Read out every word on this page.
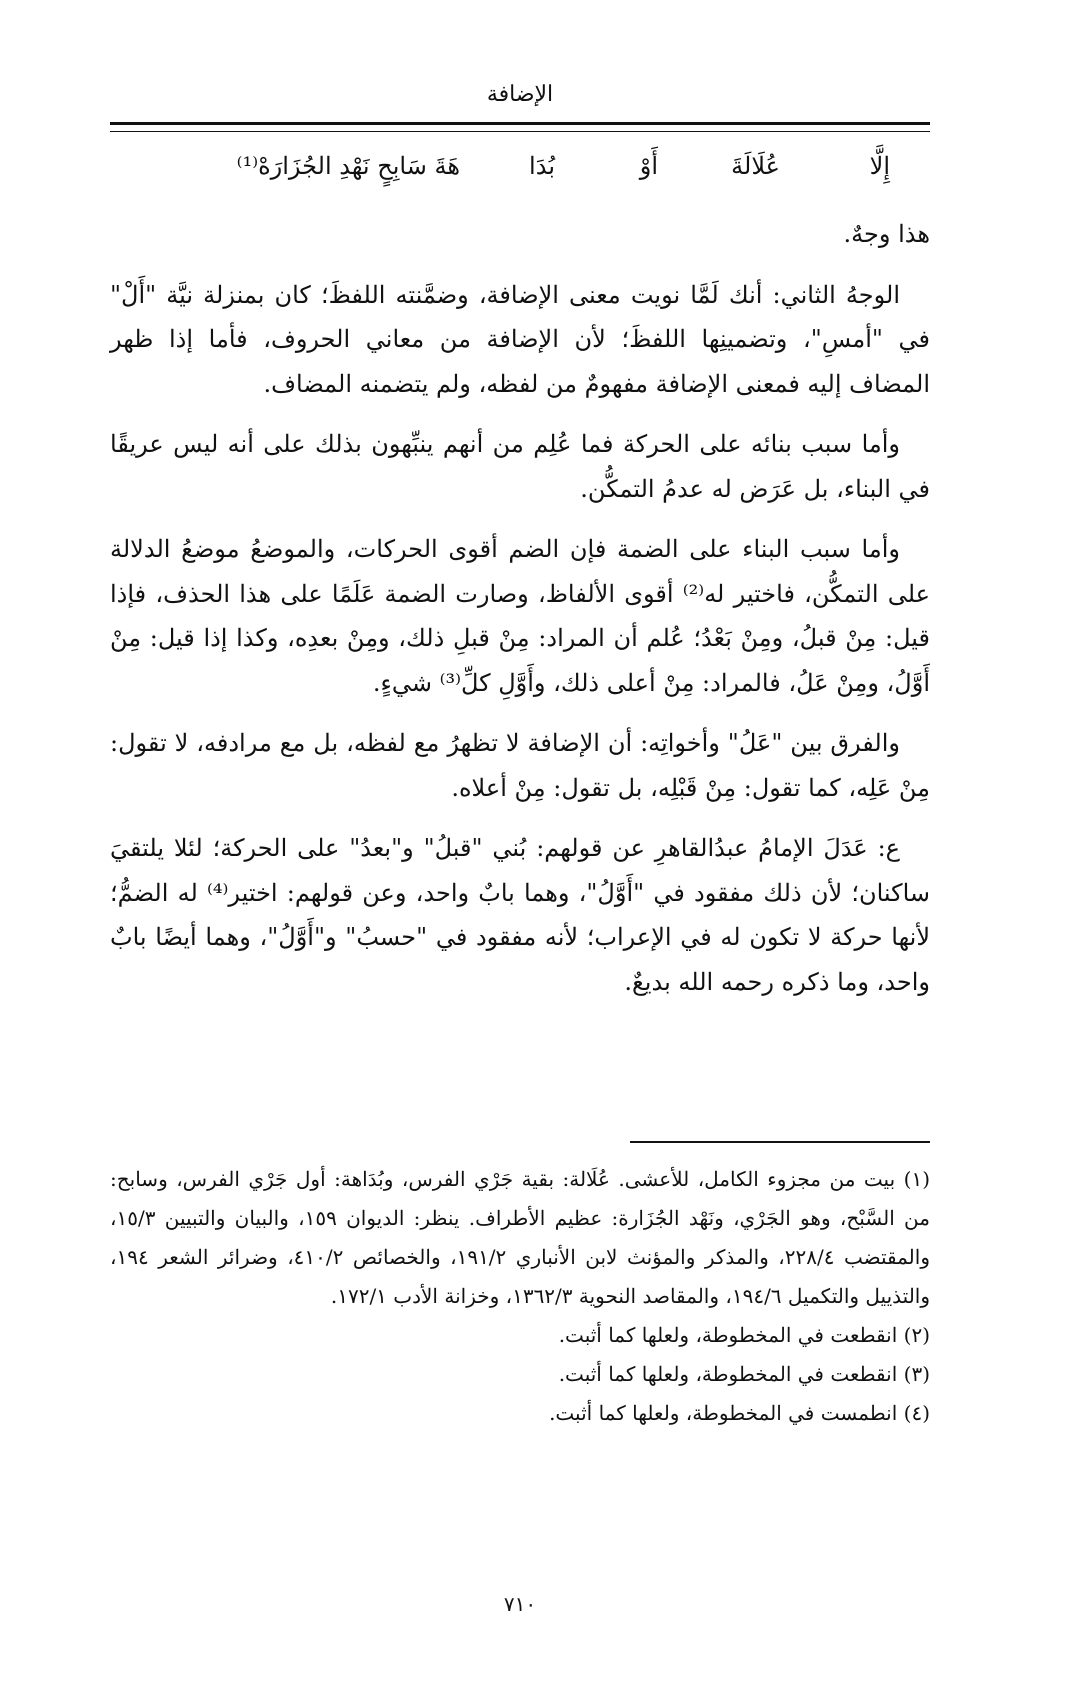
الإضافة
إِلَّا
عُلَالَةَ
أَوْ
بُدَا
هَةَ سَابِحٍ نَهْدِ الجُزَارَهْ⁽¹⁾

هذا وجهٌ.

الوجهُ الثاني: أنك لَمَّا نويت معنى الإضافة، وضمَّنته اللفظَ؛ كان بمنزلة نيَّة "أَلْ" في "أمسِ"، وتضمينِها اللفظَ؛ لأن الإضافة من معاني الحروف، فأما إذا ظهر المضاف إليه فمعنى الإضافة مفهومٌ من لفظه، ولم يتضمنه المضاف.

وأما سبب بنائه على الحركة فما عُلِم من أنهم ينبِّهون بذلك على أنه ليس عريقًا في البناء، بل عَرَض له عدمُ التمكُّن.

وأما سبب البناء على الضمة فإن الضم أقوى الحركات، والموضعُ موضعُ الدلالة على التمكُّن، فاختير له⁽²⁾ أقوى الألفاظ، وصارت الضمة عَلَمًا على هذا الحذف، فإذا قيل: مِنْ قبلُ، ومِنْ بَعْدُ؛ عُلم أن المراد: مِنْ قبلِ ذلك، ومِنْ بعدِه، وكذا إذا قيل: مِنْ أَوَّلُ، ومِنْ عَلُ، فالمراد: مِنْ أعلى ذلك، وأَوَّلِ كلِّ⁽³⁾ شيءٍ.

والفرق بين "عَلُ" وأخواتِه: أن الإضافة لا تظهرُ مع لفظه، بل مع مرادفه، لا تقول: مِنْ عَلِه، كما تقول: مِنْ قَبْلِه، بل تقول: مِنْ أعلاه.

ع: عَدَلَ الإمامُ عبدُالقاهرِ عن قولهم: بُني "قبلُ" و"بعدُ" على الحركة؛ لئلا يلتقيَ ساكنان؛ لأن ذلك مفقود في "أَوَّلُ"، وهما بابٌ واحد، وعن قولهم: اختير⁽⁴⁾ له الضمُّ؛ لأنها حركة لا تكون له في الإعراب؛ لأنه مفقود في "حسبُ" و"أَوَّلُ"، وهما أيضًا بابٌ واحد، وما ذكره رحمه الله بديعٌ.

(١) بيت من مجزوء الكامل، للأعشى. عُلَالة: بقية جَرْي الفرس، وبُدَاهة: أول جَرْي الفرس، وسابح: من السَّبْح، وهو الجَرْي، ونَهْد الجُزَارة: عظيم الأطراف. ينظر: الديوان ١٥٩، والبيان والتبيين ١٥/٣، والمقتضب ٢٢٨/٤، والمذكر والمؤنث لابن الأنباري ١٩١/٢، والخصائص ٤١٠/٢، وضرائر الشعر ١٩٤، والتذييل والتكميل ١٩٤/٦، والمقاصد النحوية ١٣٦٢/٣، وخزانة الأدب ١٧٢/١.

(٢) انقطعت في المخطوطة، ولعلها كما أثبت.

(٣) انقطعت في المخطوطة، ولعلها كما أثبت.

(٤) انطمست في المخطوطة، ولعلها كما أثبت.

٧١٠
